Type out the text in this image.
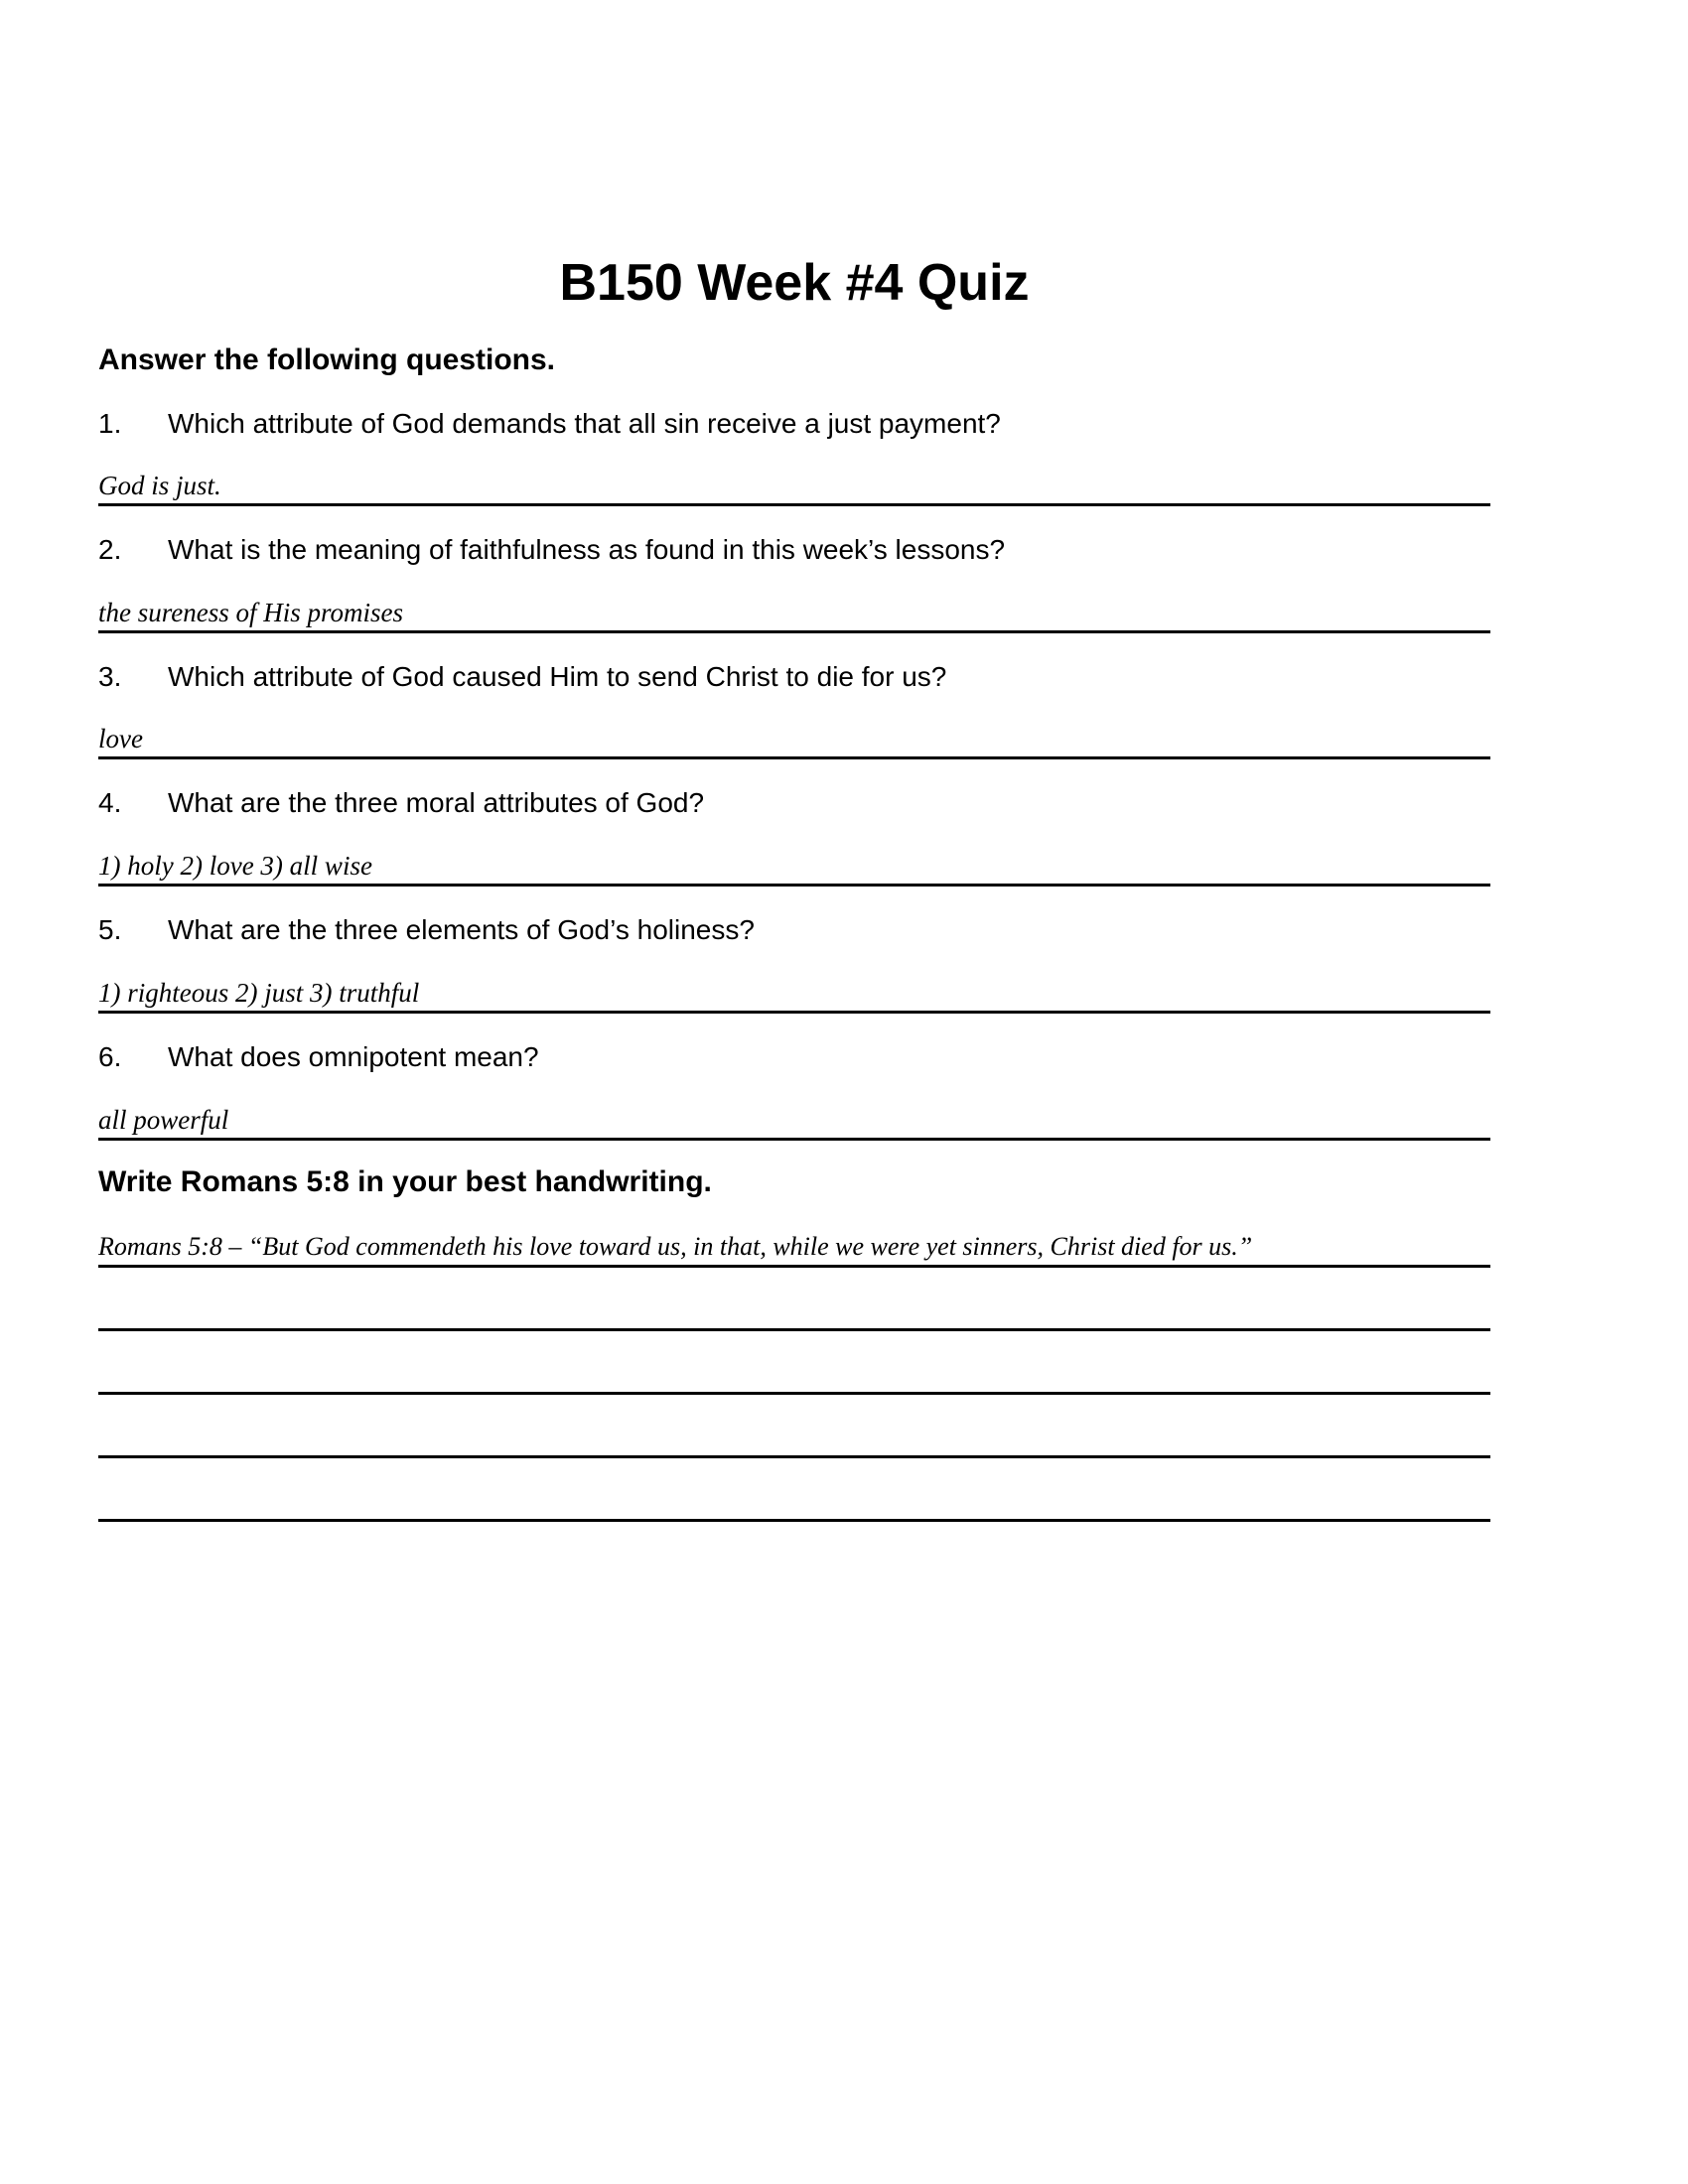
B150 Week #4 Quiz
Answer the following questions.
1. Which attribute of God demands that all sin receive a just payment?
God is just.
2. What is the meaning of faithfulness as found in this week’s lessons?
the sureness of His promises
3. Which attribute of God caused Him to send Christ to die for us?
love
4. What are the three moral attributes of God?
1) holy 2) love 3) all wise
5. What are the three elements of God’s holiness?
1) righteous 2) just 3) truthful
6. What does omnipotent mean?
all powerful
Write Romans 5:8 in your best handwriting.
Romans 5:8 – “But God commendeth his love toward us, in that, while we were yet sinners, Christ died for us.”
